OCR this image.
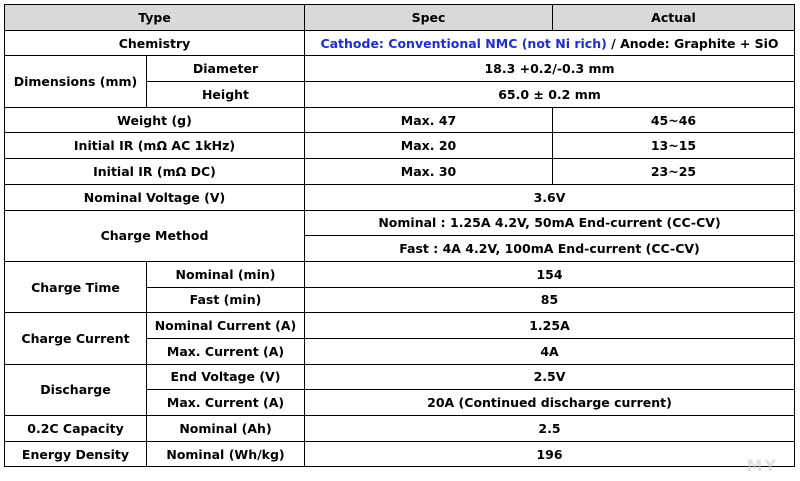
Type		Spec	Actual
Chemistry		Cathode: Conventional NMC (not Ni rich) / Anode: Graphite + SiO	
Dimensions (mm)	Diameter	18.3 +0.2/-0.3 mm	
	Height	65.0 ± 0.2 mm	
Weight (g)		Max. 47	45~46
Initial IR (mΩ AC 1kHz)		Max. 20	13~15
Initial IR (mΩ DC)		Max. 30	23~25
Nominal Voltage (V)		3.6V	
Charge Method		Nominal : 1.25A 4.2V, 50mA End-current (CC-CV)	
		Fast : 4A 4.2V, 100mA End-current (CC-CV)	
Charge Time	Nominal (min)	154	
	Fast (min)	85	
Charge Current	Nominal Current (A)	1.25A	
	Max. Current (A)	4A	
Discharge	End Voltage (V)	2.5V	
	Max. Current (A)	20A (Continued discharge current)	
0.2C Capacity	Nominal (Ah)	2.5	
Energy Density	Nominal (Wh/kg)	196	
MY
